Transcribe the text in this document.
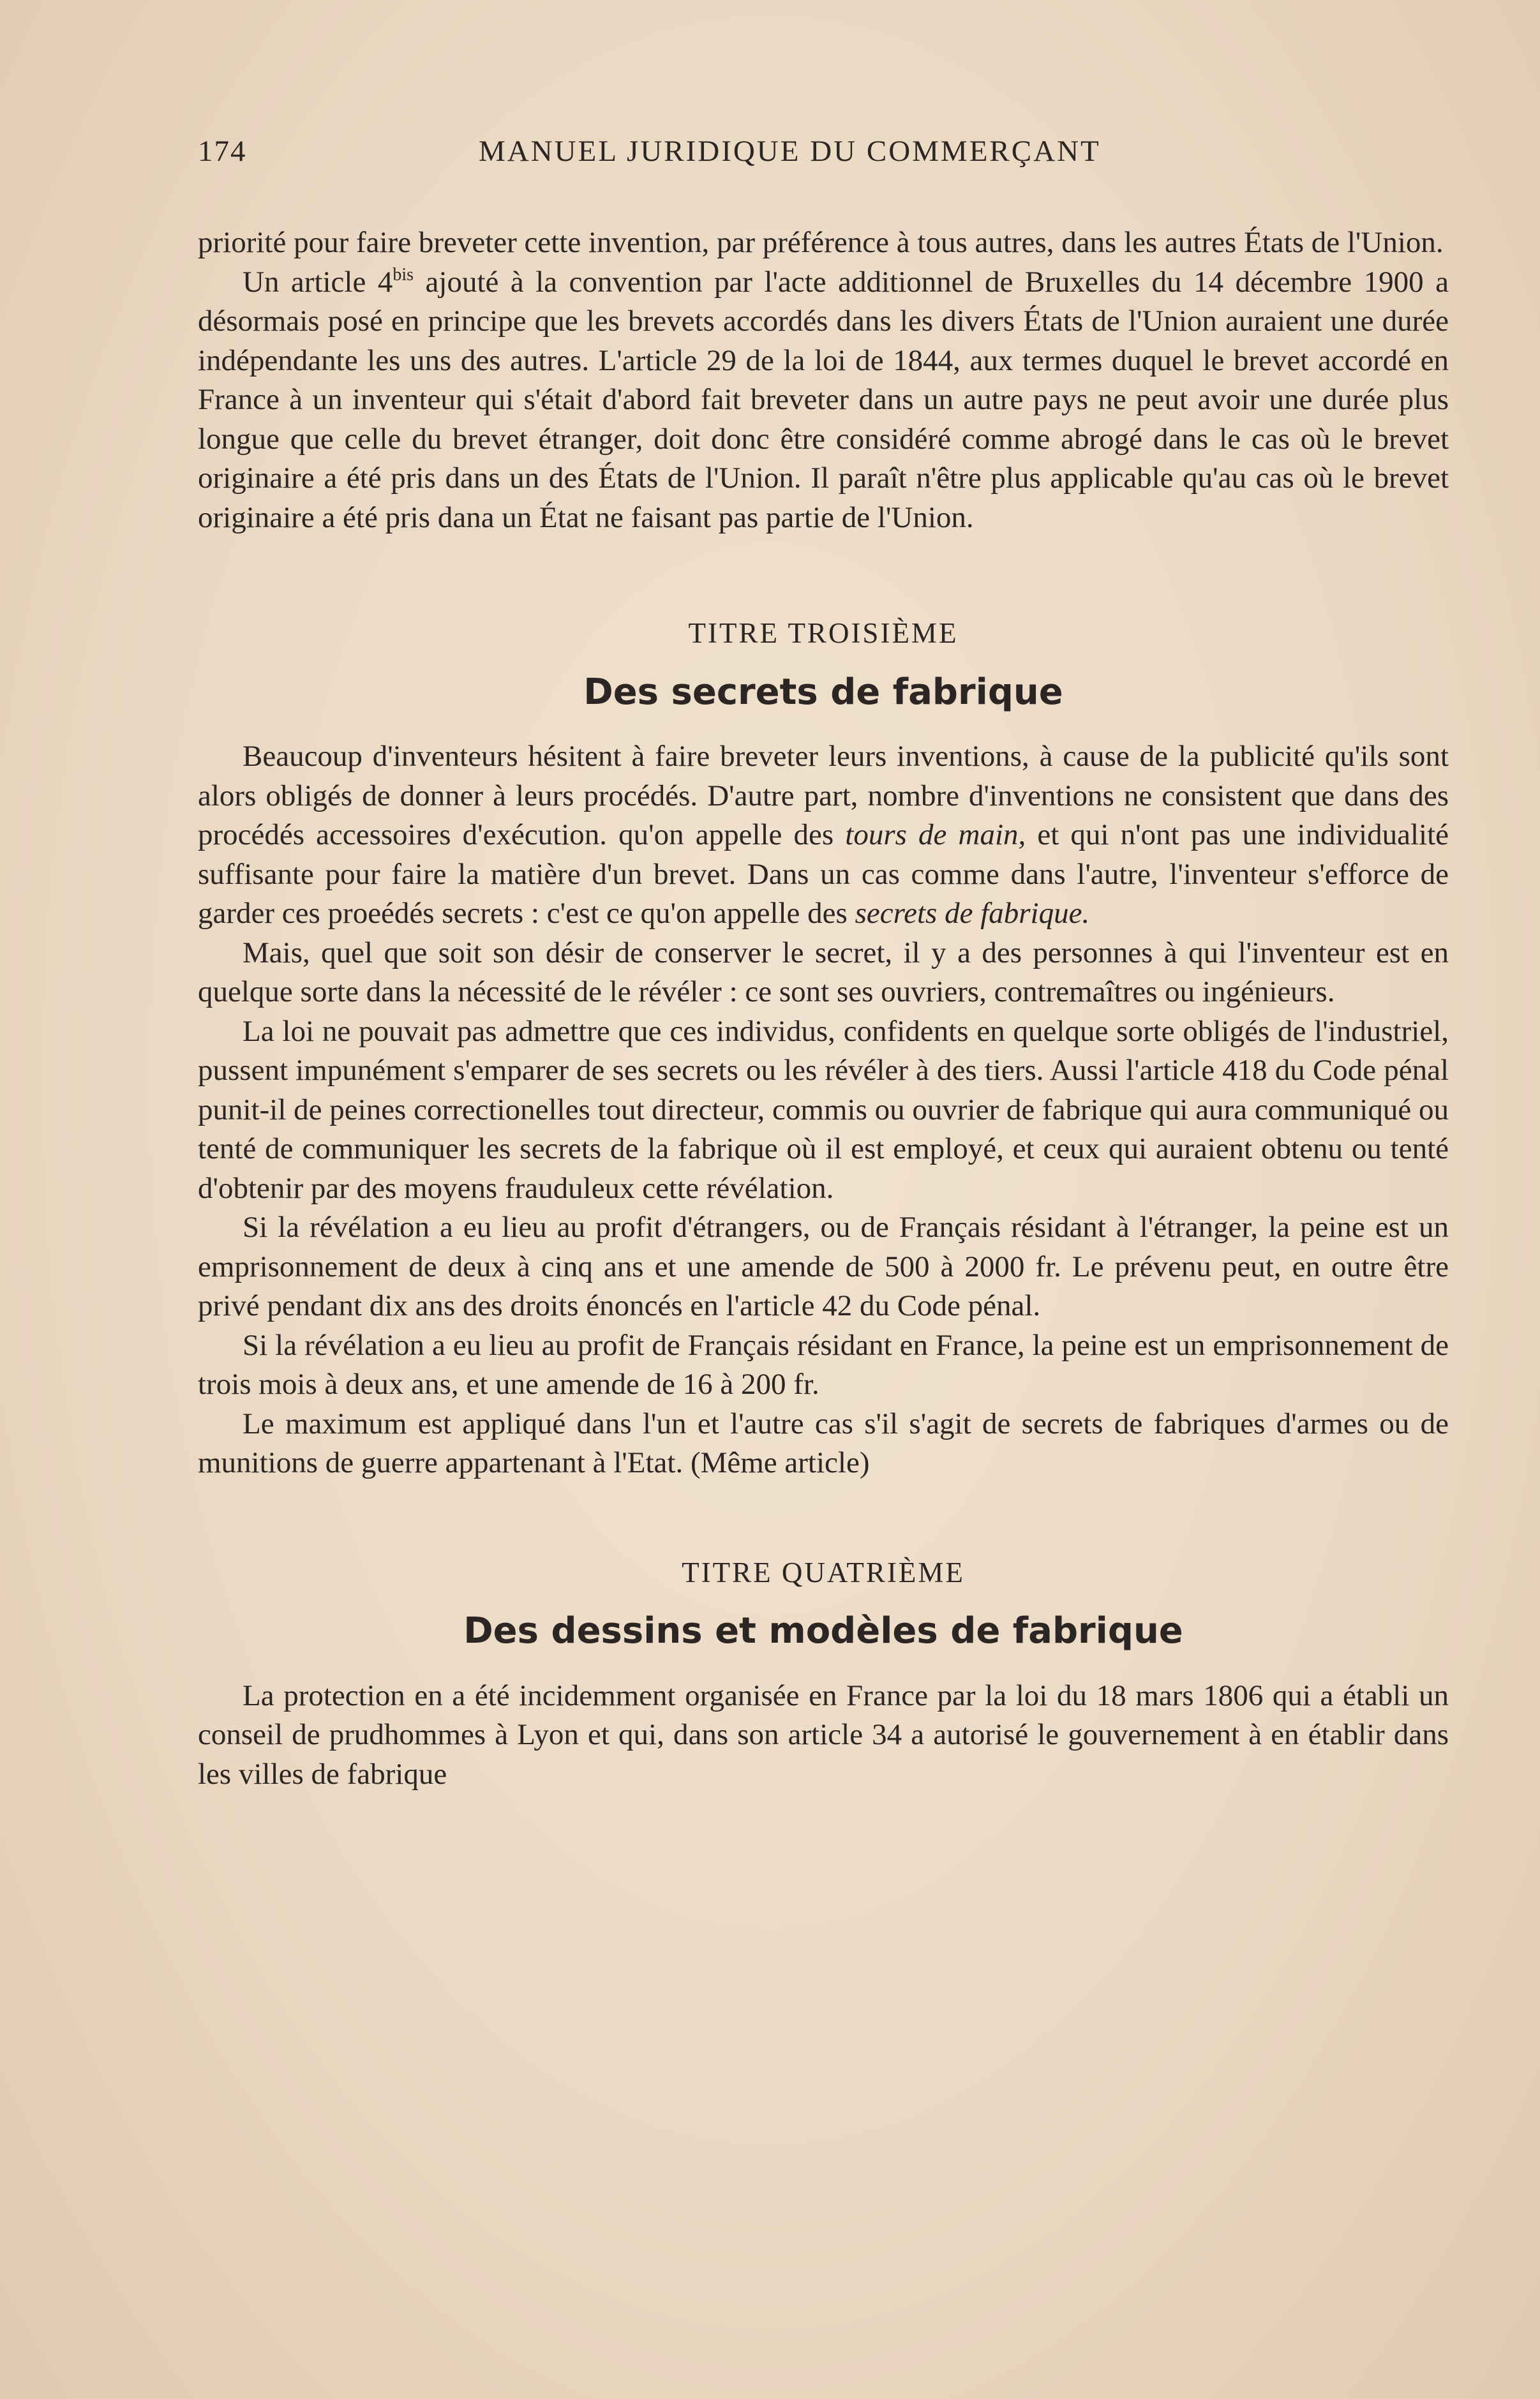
174	MANUEL JURIDIQUE DU COMMERÇANT

priorité pour faire breveter cette invention, par préférence à tous autres, dans les autres États de l'Union.

Un article $4^{bis}$ ajouté à la convention par l'acte additionnel de Bruxelles du 14 décembre 1900 a désormais posé en principe que les brevets accordés dans les divers États de l'Union auraient une durée indépendante les uns des autres. L'article 29 de la loi de 1844, aux termes duquel le brevet accordé en France à un inventeur qui s'était d'abord fait breveter dans un autre pays ne peut avoir une durée plus longue que celle du brevet étranger, doit donc être considéré comme abrogé dans le cas où le brevet originaire a été pris dans un des États de l'Union. Il paraît n'être plus applicable qu'au cas où le brevet originaire a été pris dana un État ne faisant pas partie de l'Union.

TITRE TROISIÈME
Des secrets de fabrique

Beaucoup d'inventeurs hésitent à faire breveter leurs inventions, à cause de la publicité qu'ils sont alors obligés de donner à leurs procédés. D'autre part, nombre d'inventions ne consistent que dans des procédés accessoires d'exécution. qu'on appelle des tours de main, et qui n'ont pas une individualité suffisante pour faire la matière d'un brevet. Dans un cas comme dans l'autre, l'inventeur s'efforce de garder ces proeédés secrets : c'est ce qu'on appelle des secrets de fabrique.

Mais, quel que soit son désir de conserver le secret, il y a des personnes à qui l'inventeur est en quelque sorte dans la nécessité de le révéler : ce sont ses ouvriers, contremaîtres ou ingénieurs.

La loi ne pouvait pas admettre que ces individus, confidents en quelque sorte obligés de l'industriel, pussent impunément s'emparer de ses secrets ou les révéler à des tiers. Aussi l'article 418 du Code pénal punit-il de peines correctionelles tout directeur, commis ou ouvrier de fabrique qui aura communiqué ou tenté de communiquer les secrets de la fabrique où il est employé, et ceux qui auraient obtenu ou tenté d'obtenir par des moyens frauduleux cette révélation.

Si la révélation a eu lieu au profit d'étrangers, ou de Français résidant à l'étranger, la peine est un emprisonnement de deux à cinq ans et une amende de 500 à 2000 fr. Le prévenu peut, en outre être privé pendant dix ans des droits énoncés en l'article 42 du Code pénal.

Si la révélation a eu lieu au profit de Français résidant en France, la peine est un emprisonnement de trois mois à deux ans, et une amende de 16 à 200 fr.

Le maximum est appliqué dans l'un et l'autre cas s'il s'agit de secrets de fabriques d'armes ou de munitions de guerre appartenant à l'Etat. (Même article)

TITRE QUATRIÈME
Des dessins et modèles de fabrique

La protection en a été incidemment organisée en France par la loi du 18 mars 1806 qui a établi un conseil de prudhommes à Lyon et qui, dans son article 34 a autorisé le gouvernement à en établir dans les villes de fabrique
